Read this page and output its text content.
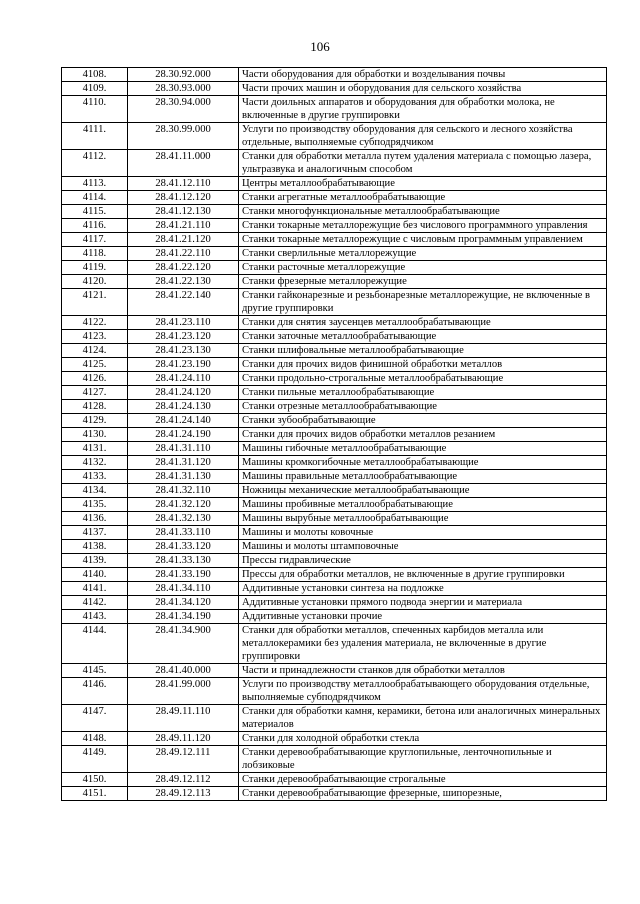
106
4108.	28.30.92.000	Части оборудования для обработки и возделывания почвы
4109.	28.30.93.000	Части прочих машин и оборудования для сельского хозяйства
4110.	28.30.94.000	Части доильных аппаратов и оборудования для обработки молока, не включенные в другие группировки
4111.	28.30.99.000	Услуги по производству оборудования для сельского и лесного хозяйства отдельные, выполняемые субподрядчиком
4112.	28.41.11.000	Станки для обработки металла путем удаления материала с помощью лазера, ультразвука и аналогичным способом
4113.	28.41.12.110	Центры металлообрабатывающие
4114.	28.41.12.120	Станки агрегатные металлообрабатывающие
4115.	28.41.12.130	Станки многофункциональные металлообрабатывающие
4116.	28.41.21.110	Станки токарные металлорежущие без числового программного управления
4117.	28.41.21.120	Станки токарные металлорежущие с числовым программным управлением
4118.	28.41.22.110	Станки сверлильные металлорежущие
4119.	28.41.22.120	Станки расточные металлорежущие
4120.	28.41.22.130	Станки фрезерные металлорежущие
4121.	28.41.22.140	Станки гайконарезные и резьбонарезные металлорежущие, не включенные в другие группировки
4122.	28.41.23.110	Станки для снятия заусенцев металлообрабатывающие
4123.	28.41.23.120	Станки заточные металлообрабатывающие
4124.	28.41.23.130	Станки шлифовальные металлообрабатывающие
4125.	28.41.23.190	Станки для прочих видов финишной обработки металлов
4126.	28.41.24.110	Станки продольно-строгальные металлообрабатывающие
4127.	28.41.24.120	Станки пильные металлообрабатывающие
4128.	28.41.24.130	Станки отрезные металлообрабатывающие
4129.	28.41.24.140	Станки зубообрабатывающие
4130.	28.41.24.190	Станки для прочих видов обработки металлов резанием
4131.	28.41.31.110	Машины гибочные металлообрабатывающие
4132.	28.41.31.120	Машины кромкогибочные металлообрабатывающие
4133.	28.41.31.130	Машины правильные металлообрабатывающие
4134.	28.41.32.110	Ножницы механические металлообрабатывающие
4135.	28.41.32.120	Машины пробивные металлообрабатывающие
4136.	28.41.32.130	Машины вырубные металлообрабатывающие
4137.	28.41.33.110	Машины и молоты ковочные
4138.	28.41.33.120	Машины и молоты штамповочные
4139.	28.41.33.130	Прессы гидравлические
4140.	28.41.33.190	Прессы для обработки металлов, не включенные в другие группировки
4141.	28.41.34.110	Аддитивные установки синтеза на подложке
4142.	28.41.34.120	Аддитивные установки прямого подвода энергии и материала
4143.	28.41.34.190	Аддитивные установки прочие
4144.	28.41.34.900	Станки для обработки металлов, спеченных карбидов металла или металлокерамики без удаления материала, не включенные в другие группировки
4145.	28.41.40.000	Части и принадлежности станков для обработки металлов
4146.	28.41.99.000	Услуги по производству металлообрабатывающего оборудования отдельные, выполняемые субподрядчиком
4147.	28.49.11.110	Станки для обработки камня, керамики, бетона или аналогичных минеральных материалов
4148.	28.49.11.120	Станки для холодной обработки стекла
4149.	28.49.12.111	Станки деревообрабатывающие круглопильные, ленточнопильные и лобзиковые
4150.	28.49.12.112	Станки деревообрабатывающие строгальные
4151.	28.49.12.113	Станки деревообрабатывающие фрезерные, шипорезные,
